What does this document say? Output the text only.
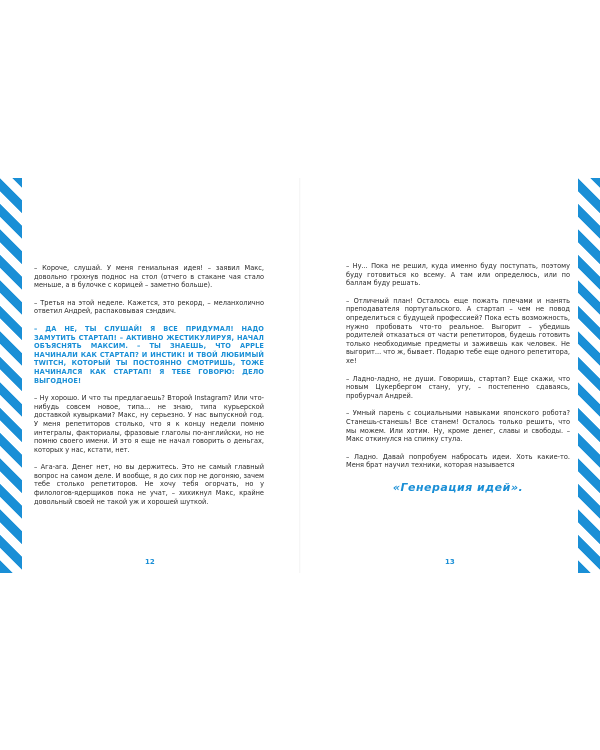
– Короче, слушай. У меня гениальная идея! – заявил Макс, довольно грохнув поднос на стол (отчего в стакане чая стало меньше, а в булочке с корицей – заметно больше).

– Третья на этой неделе. Кажется, это рекорд, – меланхолично ответил Андрей, распаковывая сэндвич.

– ДА НЕ, ТЫ СЛУШАЙ! Я ВСЕ ПРИДУМАЛ! НАДО ЗАМУТИТЬ СТАРТАП! – АКТИВНО ЖЕСТИКУЛИРУЯ, НАЧАЛ ОБЪЯСНЯТЬ МАКСИМ. – ТЫ ЗНАЕШЬ, ЧТО APPLE НАЧИНАЛИ КАК СТАРТАП? И ИНСТИК! И ТВОЙ ЛЮБИМЫЙ TWITCH, КОТОРЫЙ ТЫ ПОСТОЯННО СМОТРИШЬ, ТОЖЕ НАЧИНАЛСЯ КАК СТАРТАП! Я ТЕБЕ ГОВОРЮ: ДЕЛО ВЫГОДНОЕ!

– Ну хорошо. И что ты предлагаешь? Второй Instagram? Или что-нибудь совсем новое, типа... не знаю, типа курьерской доставкой кувырками? Макс, ну серьезно. У нас выпускной год. У меня репетиторов столько, что я к концу недели помню интегралы, факториалы, фразовые глаголы по-английски, но не помню своего имени. И это я еще не начал говорить о деньгах, которых у нас, кстати, нет.

– Ага-ага. Денег нет, но вы держитесь. Это не самый главный вопрос на самом деле. И вообще, я до сих пор не догоняю, зачем тебе столько репетиторов. Не хочу тебя огорчать, но у филологов-ядерщиков пока не учат, – хихикнул Макс, крайне довольный своей не такой уж и хорошей шуткой.

– Ну... Пока не решил, куда именно буду поступать, поэтому буду готовиться ко всему. А там или определюсь, или по баллам буду решать.

– Отличный план! Осталось еще пожать плечами и нанять преподавателя португальского. А стартап – чем не повод определиться с будущей профессией? Пока есть возможность, нужно пробовать что-то реальное. Выгорит – убедишь родителей отказаться от части репетиторов, будешь готовить только необходимые предметы и заживешь как человек. Не выгорит... что ж, бывает. Подарю тебе еще одного репетитора, хе!

– Ладно-ладно, не души. Говоришь, стартап? Еще скажи, что новым Цукербергом стану, угу, – постепенно сдаваясь, пробурчал Андрей.

– Умный парень с социальными навыками японского робота? Станешь-станешь! Все станем! Осталось только решить, что мы можем. Или хотим. Ну, кроме денег, славы и свободы. – Макс откинулся на спинку стула.

– Ладно. Давай попробуем набросать идеи. Хоть какие-то. Меня брат научил техники, которая называется

«Генерация идей».
12	13
